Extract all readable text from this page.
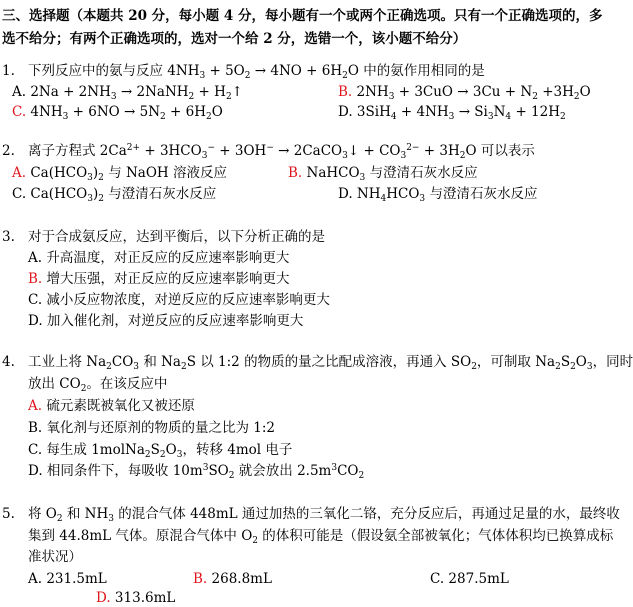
三、选择题（本题共 20 分，每小题 4 分，每小题有一个或两个正确选项。只有一个正确选项的，多
选不给分；有两个正确选项的，选对一个给 2 分，选错一个，该小题不给分）
1. 下列反应中的氨与反应 $4NH_3 + 5O_2 \to 4NO + 6H_2O$ 中的氨作用相同的是
A. $2Na + 2NH_3$ → 2NaNH$_2$ + $H_2↑$	B. $2NH_3 + 3CuO \to 3Cu + N_2 +3H_2O$
C. $4NH_3 + 6NO \to 5N_2 + 6H_2O$	D. $3SiH_4 + 4NH_3 \to Si_3N_4 + 12H_2$
2. 离子方程式 $2Ca^{2+} + 3HCO_3^- + 3OH^-$ → 2CaCO$_3$↓ + $CO_3^{2-} + 3H_2O$ 可以表示
A. $Ca(HCO_3)_2$ 与 NaOH 溶液反应	B. NaHCO$_3$ 与澄清石灰水反应
C. $Ca(HCO_3)_2$ 与澄清石灰水反应	D. $NH_4HCO_3$ 与澄清石灰水反应
3. 对于合成氨反应，达到平衡后，以下分析正确的是
A. 升高温度，对正反应的反应速率影响更大
B. 增大压强，对正反应的反应速率影响更大
C. 减小反应物浓度，对逆反应的反应速率影响更大
D. 加入催化剂，对逆反应的反应速率影响更大
4. 工业上将 $Na_2CO_3$ 和 $Na_2S$ 以 1:2 的物质的量之比配成溶液，再通入 $SO_2$，可制取 $Na_2S_2O_3$，同时
放出 $CO_2$。在该反应中
A. 硫元素既被氧化又被还原
B. 氧化剂与还原剂的物质的量之比为 1:2
C. 每生成 $1molNa_2S_2O_3$，转移 4mol 电子
D. 相同条件下，每吸收 $10m^3SO_2$ 就会放出 $2.5m^3CO_2$
5. 将 $O_2$ 和 $NH_3$ 的混合气体 448mL 通过加热的三氧化二铬，充分反应后，再通过足量的水，最终收
集到 44.8mL 气体。原混合气体中 $O_2$ 的体积可能是（假设氨全部被氧化；气体体积均已换算成标
准状况）
A. 231.5mL	B. 268.8mL	C. 287.5mL
D. 313.6mL
